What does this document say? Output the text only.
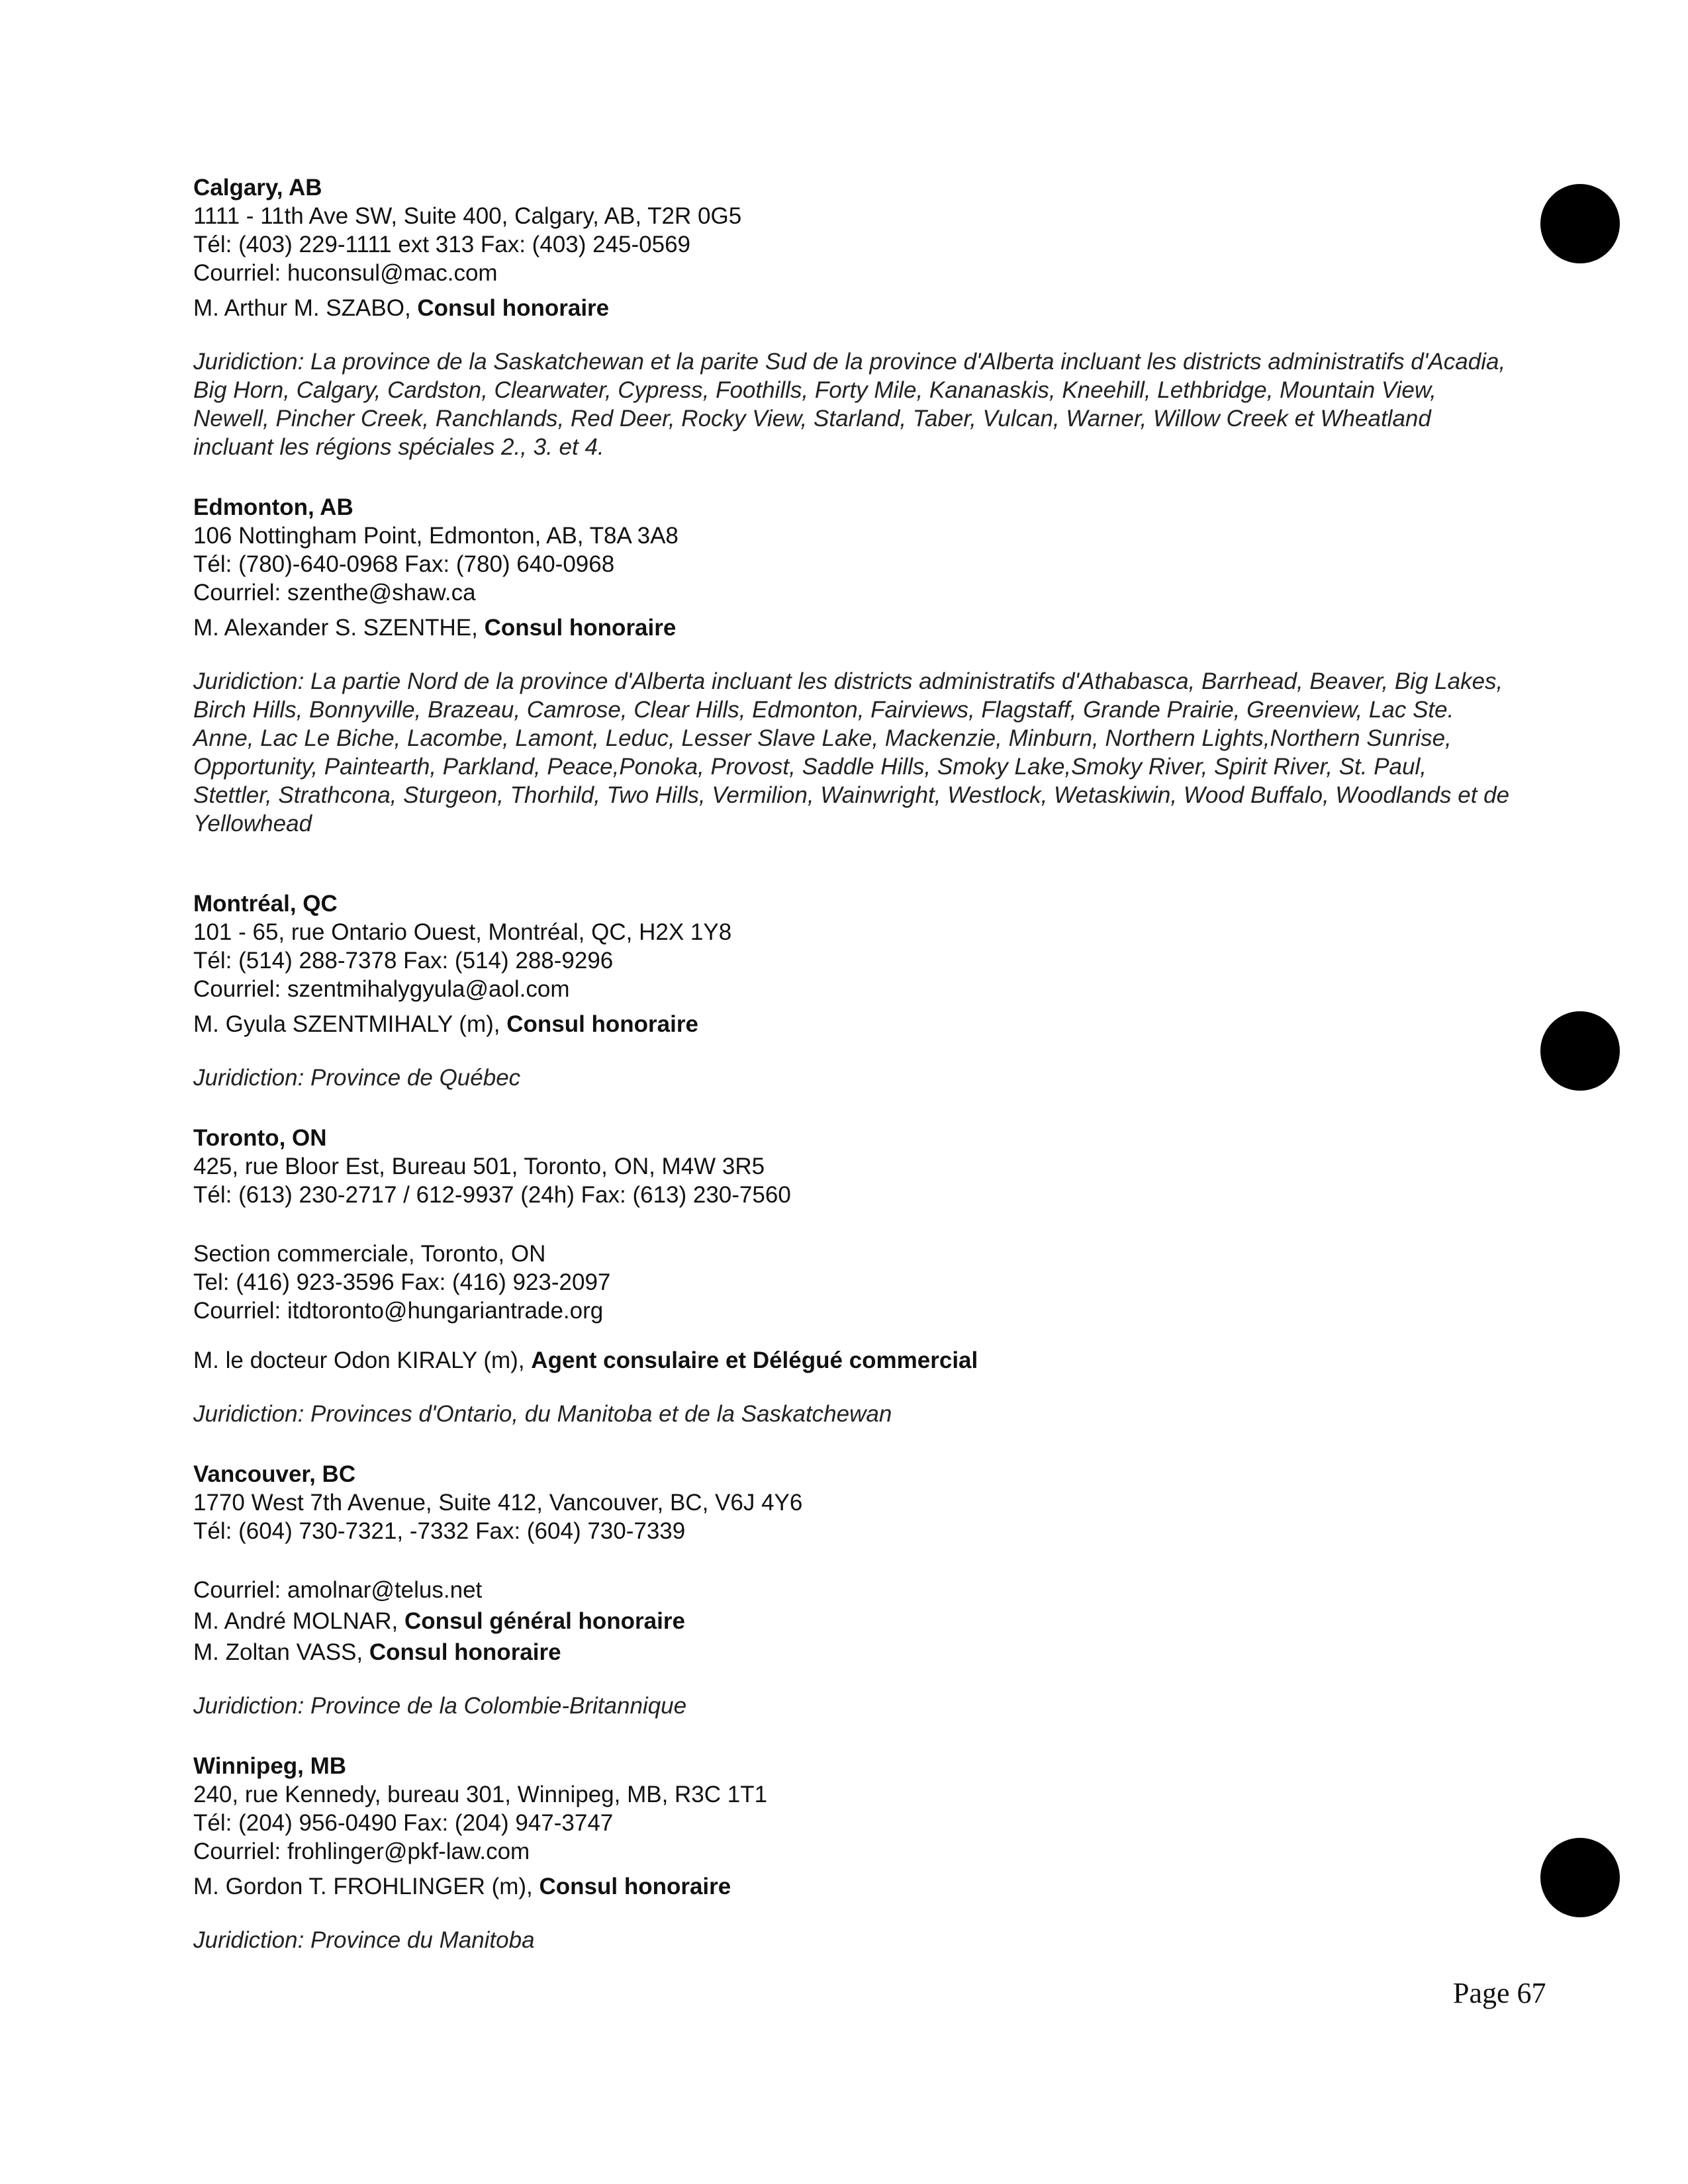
Calgary, AB
1111 - 11th Ave SW, Suite 400, Calgary, AB, T2R 0G5
Tél: (403) 229-1111 ext 313 Fax: (403) 245-0569
Courriel: huconsul@mac.com
M. Arthur M. SZABO, Consul honoraire
Juridiction: La province de la Saskatchewan et la parite Sud de la province d'Alberta incluant les districts administratifs d'Acadia, Big Horn, Calgary, Cardston, Clearwater, Cypress, Foothills, Forty Mile, Kananaskis, Kneehill, Lethbridge, Mountain View, Newell, Pincher Creek, Ranchlands, Red Deer, Rocky View, Starland, Taber, Vulcan, Warner, Willow Creek et Wheatland incluant les régions spéciales 2., 3. et 4.
Edmonton, AB
106 Nottingham Point, Edmonton, AB, T8A 3A8
Tél: (780)-640-0968 Fax: (780) 640-0968
Courriel: szenthe@shaw.ca
M. Alexander S. SZENTHE, Consul honoraire
Juridiction: La partie Nord de la province d'Alberta incluant les districts administratifs d'Athabasca, Barrhead, Beaver, Big Lakes, Birch Hills, Bonnyville, Brazeau, Camrose, Clear Hills, Edmonton, Fairviews, Flagstaff, Grande Prairie, Greenview, Lac Ste. Anne, Lac Le Biche, Lacombe, Lamont, Leduc, Lesser Slave Lake, Mackenzie, Minburn, Northern Lights,Northern Sunrise, Opportunity, Paintearth, Parkland, Peace,Ponoka, Provost, Saddle Hills, Smoky Lake,Smoky River, Spirit River, St. Paul, Stettler, Strathcona, Sturgeon, Thorhild, Two Hills, Vermilion, Wainwright, Westlock, Wetaskiwin, Wood Buffalo, Woodlands et de Yellowhead
Montréal, QC
101 - 65, rue Ontario Ouest, Montréal, QC, H2X 1Y8
Tél: (514) 288-7378 Fax: (514) 288-9296
Courriel: szentmihalygyula@aol.com
M. Gyula SZENTMIHALY (m), Consul honoraire
Juridiction: Province de Québec
Toronto, ON
425, rue Bloor Est, Bureau 501, Toronto, ON, M4W 3R5
Tél: (613) 230-2717 / 612-9937 (24h) Fax: (613) 230-7560
Section commerciale, Toronto, ON
Tel: (416) 923-3596 Fax: (416) 923-2097
Courriel: itdtoronto@hungariantrade.org
M. le docteur Odon KIRALY (m), Agent consulaire et Délégué commercial
Juridiction: Provinces d'Ontario, du Manitoba et de la Saskatchewan
Vancouver, BC
1770 West 7th Avenue, Suite 412, Vancouver, BC, V6J 4Y6
Tél: (604) 730-7321, -7332 Fax: (604) 730-7339
Courriel: amolnar@telus.net
M. André MOLNAR, Consul général honoraire
M. Zoltan VASS, Consul honoraire
Juridiction: Province de la Colombie-Britannique
Winnipeg, MB
240, rue Kennedy, bureau 301, Winnipeg, MB, R3C 1T1
Tél: (204) 956-0490 Fax: (204) 947-3747
Courriel: frohlinger@pkf-law.com
M. Gordon T. FROHLINGER (m), Consul honoraire
Juridiction: Province du Manitoba
Page 67
